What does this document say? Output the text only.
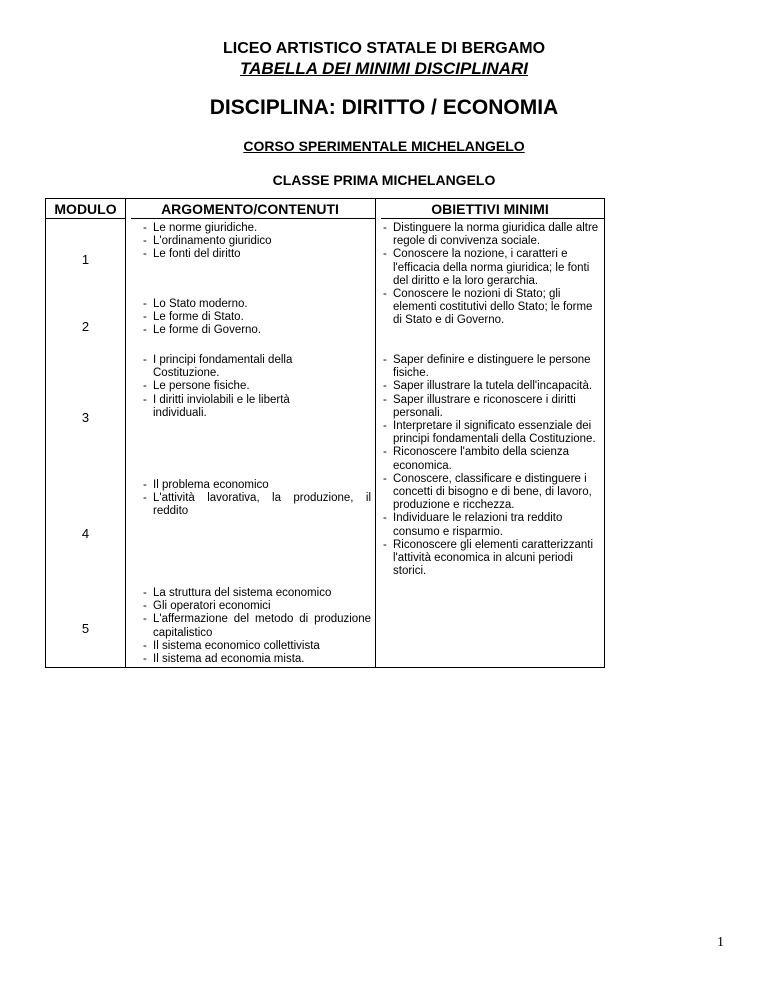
LICEO ARTISTICO STATALE DI BERGAMO
TABELLA DEI MINIMI DISCIPLINARI
DISCIPLINA: DIRITTO / ECONOMIA
CORSO SPERIMENTALE MICHELANGELO
CLASSE PRIMA MICHELANGELO
MODULO	ARGOMENTO/CONTENUTI	OBIETTIVI MINIMI
1
2
3
4
5
- Le norme giuridiche.
- L'ordinamento giuridico
- Le fonti del diritto
- Lo Stato moderno.
- Le forme di Stato.
- Le forme di Governo.
- I principi fondamentali della Costituzione.
- Le persone fisiche.
- I diritti inviolabili e le libertà individuali.
- Il problema economico
- L'attività lavorativa, la produzione, il reddito
- La struttura del sistema economico
- Gli operatori economici
- L'affermazione del metodo di produzione capitalistico
- Il sistema economico collettivista
- Il sistema ad economia mista.
- Distinguere la norma giuridica dalle altre regole di convivenza sociale.
- Conoscere la nozione, i caratteri e l'efficacia della norma giuridica; le fonti del diritto e la loro gerarchia.
- Conoscere le nozioni di Stato; gli elementi costitutivi dello Stato; le forme di Stato e di Governo.
- Saper definire e distinguere le persone fisiche.
- Saper illustrare la tutela dell'incapacità.
- Saper illustrare e riconoscere i diritti personali.
- Interpretare il significato essenziale dei principi fondamentali della Costituzione.
- Riconoscere l'ambito della scienza economica.
- Conoscere, classificare e distinguere i concetti di bisogno e di bene, di lavoro, produzione e ricchezza.
- Individuare le relazioni tra reddito consumo e risparmio.
- Riconoscere gli elementi caratterizzanti l'attività economica in alcuni periodi storici.
1
